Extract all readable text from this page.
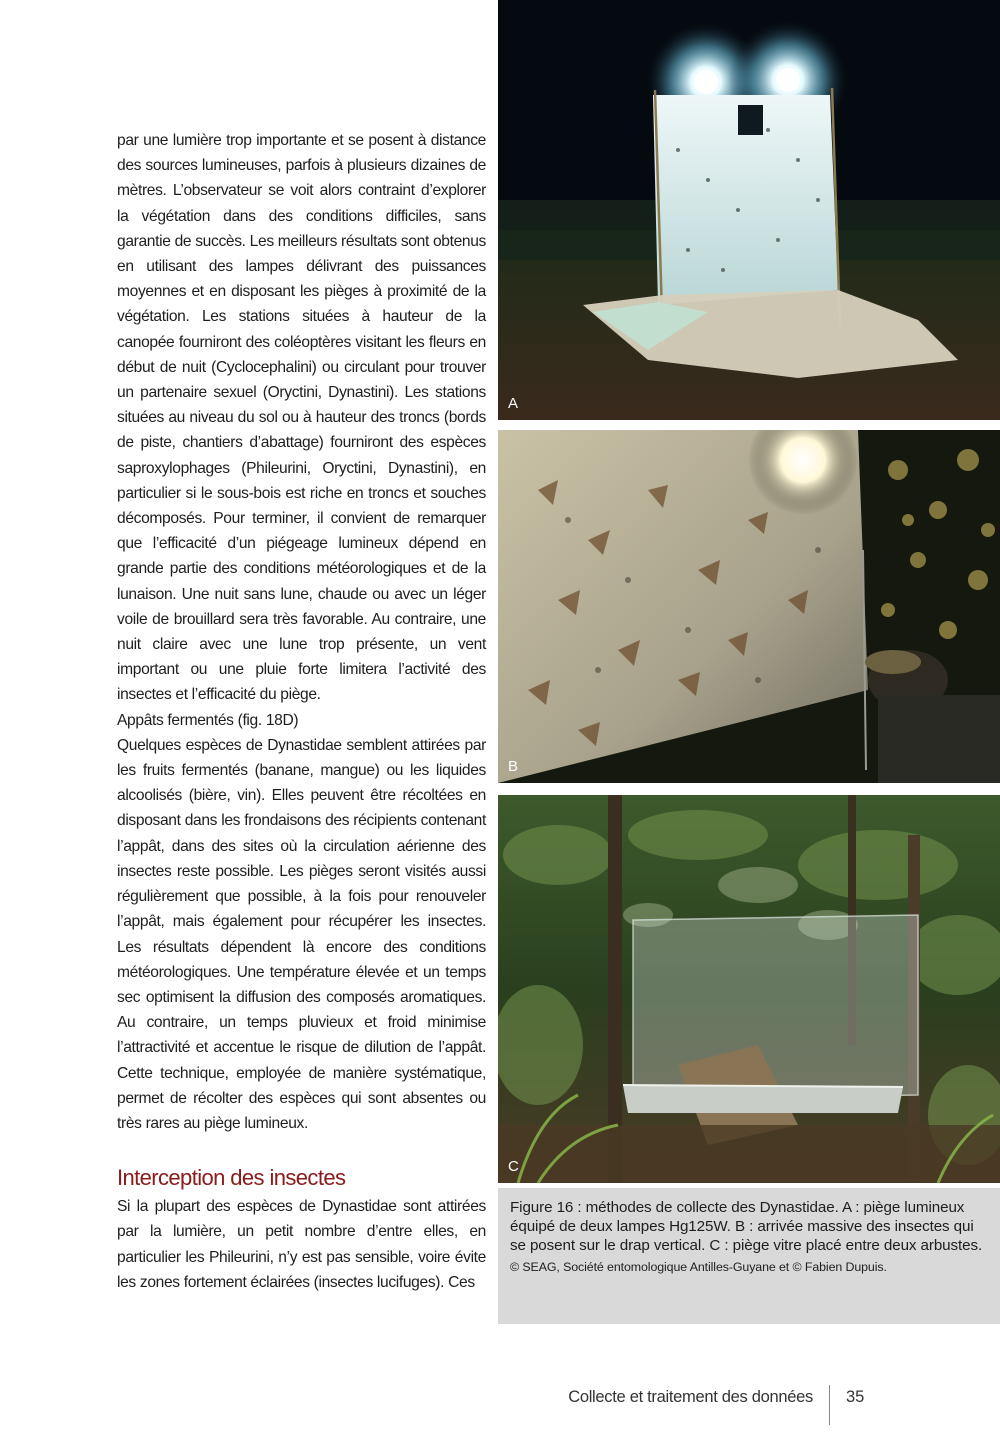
par une lumière trop importante et se posent à distance des sources lumineuses, parfois à plusieurs dizaines de mètres. L’observateur se voit alors contraint d’explorer la végétation dans des conditions difficiles, sans garantie de succès. Les meilleurs résultats sont obtenus en utilisant des lampes délivrant des puissances moyennes et en disposant les pièges à proximité de la végétation. Les stations situées à hauteur de la canopée fourniront des coléoptères visitant les fleurs en début de nuit (Cyclocephalini) ou circulant pour trouver un partenaire sexuel (Oryctini, Dynastini). Les stations situées au niveau du sol ou à hauteur des troncs (bords de piste, chantiers d’abattage) fourniront des espèces saproxylophages (Phileurini, Oryctini, Dynastini), en particulier si le sous-bois est riche en troncs et souches décomposés. Pour terminer, il convient de remarquer que l’efficacité d’un piégeage lumineux dépend en grande partie des conditions météorologiques et de la lunaison. Une nuit sans lune, chaude ou avec un léger voile de brouillard sera très favorable. Au contraire, une nuit claire avec une lune trop présente, un vent important ou une pluie forte limitera l’activité des insectes et l’efficacité du piège.

Appâts fermentés (fig. 18D)

Quelques espèces de Dynastidae semblent attirées par les fruits fermentés (banane, mangue) ou les liquides alcoolisés (bière, vin). Elles peuvent être récoltées en disposant dans les frondaisons des récipients contenant l’appât, dans des sites où la circulation aérienne des insectes reste possible. Les pièges seront visités aussi régulièrement que possible, à la fois pour renouveler l’appât, mais également pour récupérer les insectes. Les résultats dépendent là encore des conditions météorologiques. Une température élevée et un temps sec optimisent la diffusion des composés aromatiques. Au contraire, un temps pluvieux et froid minimise l’attractivité et accentue le risque de dilution de l’appât. Cette technique, employée de manière systématique, permet de récolter des espèces qui sont absentes ou très rares au piège lumineux.

Interception des insectes

Si la plupart des espèces de Dynastidae sont attirées par la lumière, un petit nombre d’entre elles, en particulier les Phileurini, n’y est pas sensible, voire évite les zones fortement éclairées (insectes lucifuges). Ces

A
B
C
Figure 16 : méthodes de collecte des Dynastidae. A : piège lumineux équipé de deux lampes Hg125W. B : arrivée massive des insectes qui se posent sur le drap vertical. C : piège vitre placé entre deux arbustes. © SEAG, Société entomologique Antilles-Guyane et © Fabien Dupuis.
Collecte et traitement des données 35
